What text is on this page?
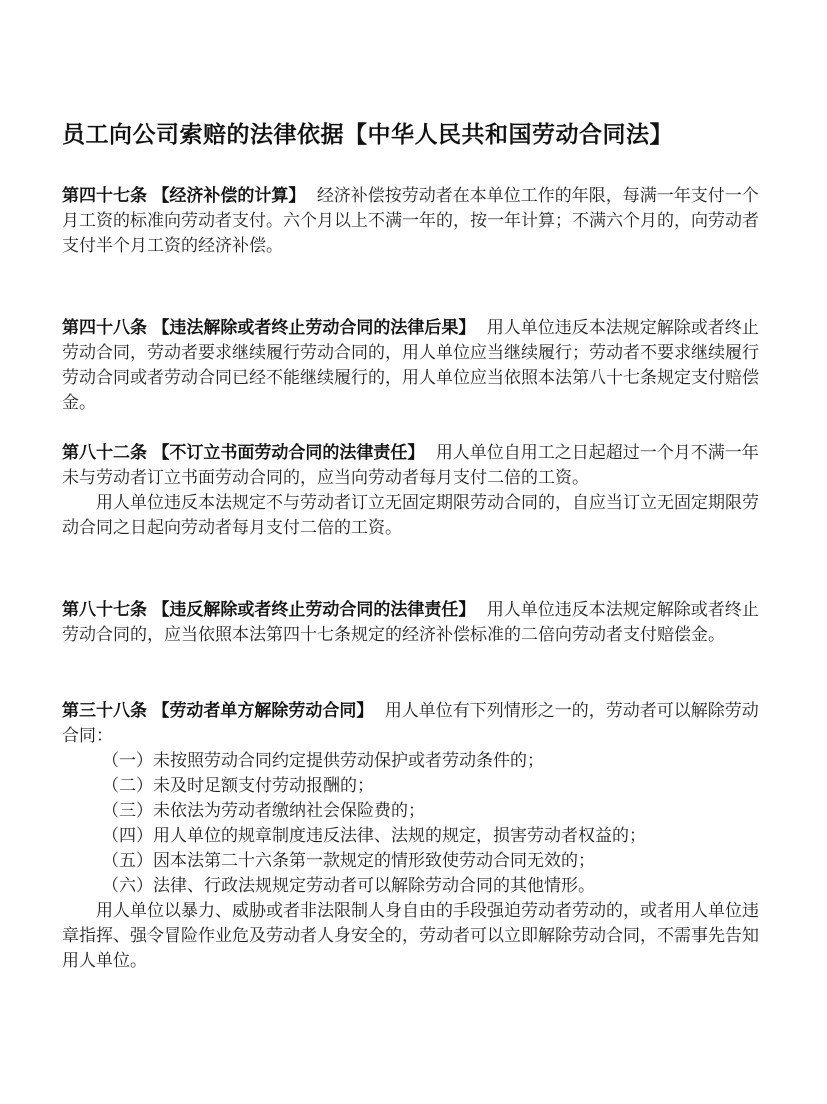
员工向公司索赔的法律依据【中华人民共和国劳动合同法】

第四十七条 【经济补偿的计算】 经济补偿按劳动者在本单位工作的年限，每满一年支付一个月工资的标准向劳动者支付。六个月以上不满一年的，按一年计算；不满六个月的，向劳动者支付半个月工资的经济补偿。

第四十八条 【违法解除或者终止劳动合同的法律后果】 用人单位违反本法规定解除或者终止劳动合同，劳动者要求继续履行劳动合同的，用人单位应当继续履行；劳动者不要求继续履行劳动合同或者劳动合同已经不能继续履行的，用人单位应当依照本法第八十七条规定支付赔偿金。

第八十二条 【不订立书面劳动合同的法律责任】 用人单位自用工之日起超过一个月不满一年未与劳动者订立书面劳动合同的，应当向劳动者每月支付二倍的工资。

用人单位违反本法规定不与劳动者订立无固定期限劳动合同的，自应当订立无固定期限劳动合同之日起向劳动者每月支付二倍的工资。

第八十七条 【违反解除或者终止劳动合同的法律责任】 用人单位违反本法规定解除或者终止劳动合同的，应当依照本法第四十七条规定的经济补偿标准的二倍向劳动者支付赔偿金。

第三十八条 【劳动者单方解除劳动合同】 用人单位有下列情形之一的，劳动者可以解除劳动合同：

（一）未按照劳动合同约定提供劳动保护或者劳动条件的；

（二）未及时足额支付劳动报酬的；

（三）未依法为劳动者缴纳社会保险费的；

（四）用人单位的规章制度违反法律、法规的规定，损害劳动者权益的；

（五）因本法第二十六条第一款规定的情形致使劳动合同无效的；

（六）法律、行政法规规定劳动者可以解除劳动合同的其他情形。

用人单位以暴力、威胁或者非法限制人身自由的手段强迫劳动者劳动的，或者用人单位违章指挥、强令冒险作业危及劳动者人身安全的，劳动者可以立即解除劳动合同，不需事先告知用人单位。
